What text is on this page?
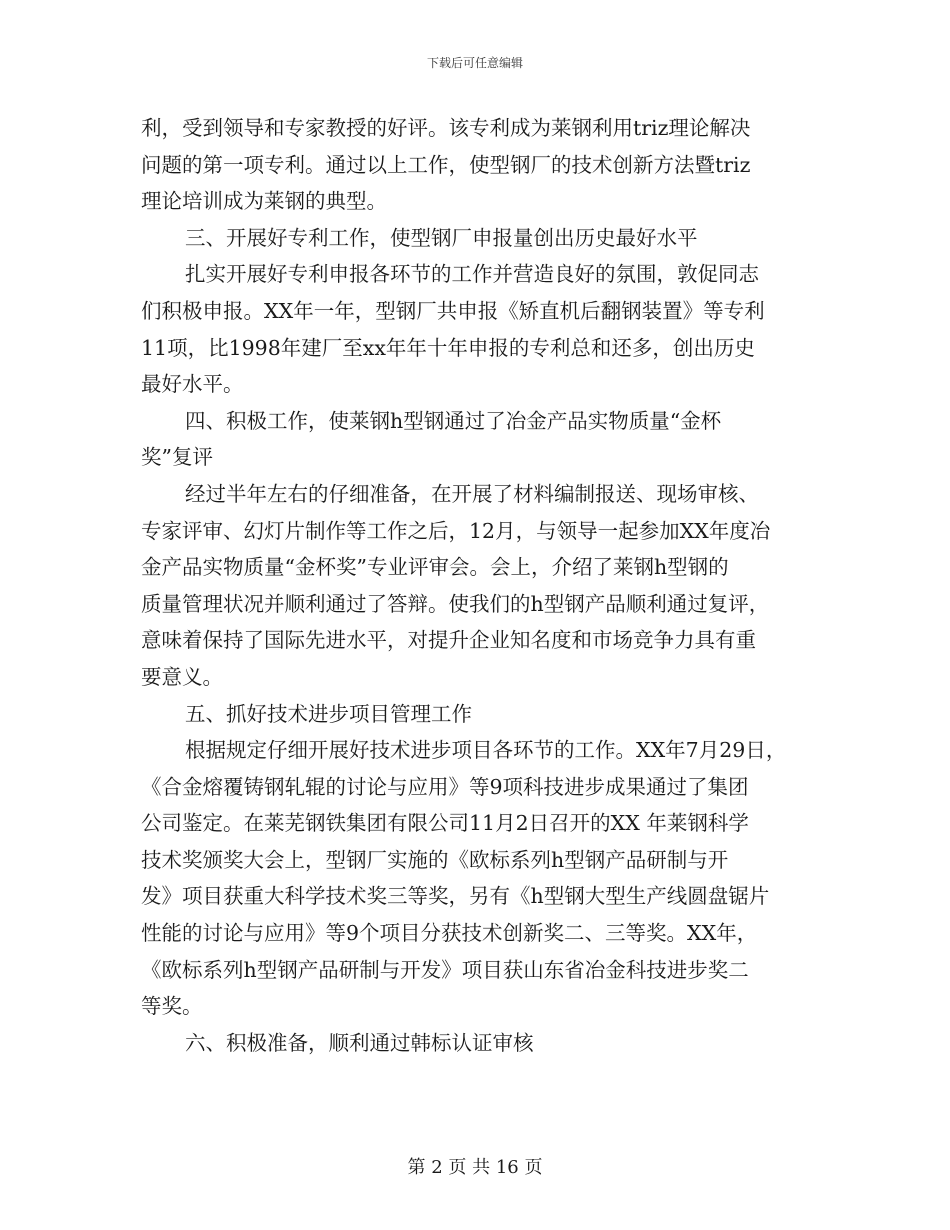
下载后可任意编辑
利，受到领导和专家教授的好评。该专利成为莱钢利用triz理论解决
问题的第一项专利。通过以上工作，使型钢厂的技术创新方法暨triz
理论培训成为莱钢的典型。
三、开展好专利工作，使型钢厂申报量创出历史最好水平
扎实开展好专利申报各环节的工作并营造良好的氛围，敦促同志
们积极申报。XX年一年，型钢厂共申报《矫直机后翻钢装置》等专利
11项，比1998年建厂至xx年年十年申报的专利总和还多，创出历史
最好水平。
四、积极工作，使莱钢h型钢通过了冶金产品实物质量“金杯
奖”复评
经过半年左右的仔细准备，在开展了材料编制报送、现场审核、
专家评审、幻灯片制作等工作之后，12月，与领导一起参加XX年度冶
金产品实物质量“金杯奖”专业评审会。会上，介绍了莱钢h型钢的
质量管理状况并顺利通过了答辩。使我们的h型钢产品顺利通过复评，
意味着保持了国际先进水平，对提升企业知名度和市场竞争力具有重
要意义。
五、抓好技术进步项目管理工作
根据规定仔细开展好技术进步项目各环节的工作。XX年7月29日，
《合金熔覆铸钢轧辊的讨论与应用》等9项科技进步成果通过了集团
公司鉴定。在莱芜钢铁集团有限公司11月2日召开的XX 年莱钢科学
技术奖颁奖大会上，型钢厂实施的《欧标系列h型钢产品研制与开
发》项目获重大科学技术奖三等奖，另有《h型钢大型生产线圆盘锯片
性能的讨论与应用》等9个项目分获技术创新奖二、三等奖。XX年，
《欧标系列h型钢产品研制与开发》项目获山东省冶金科技进步奖二
等奖。
六、积极准备，顺利通过韩标认证审核
第 2 页 共 16 页
